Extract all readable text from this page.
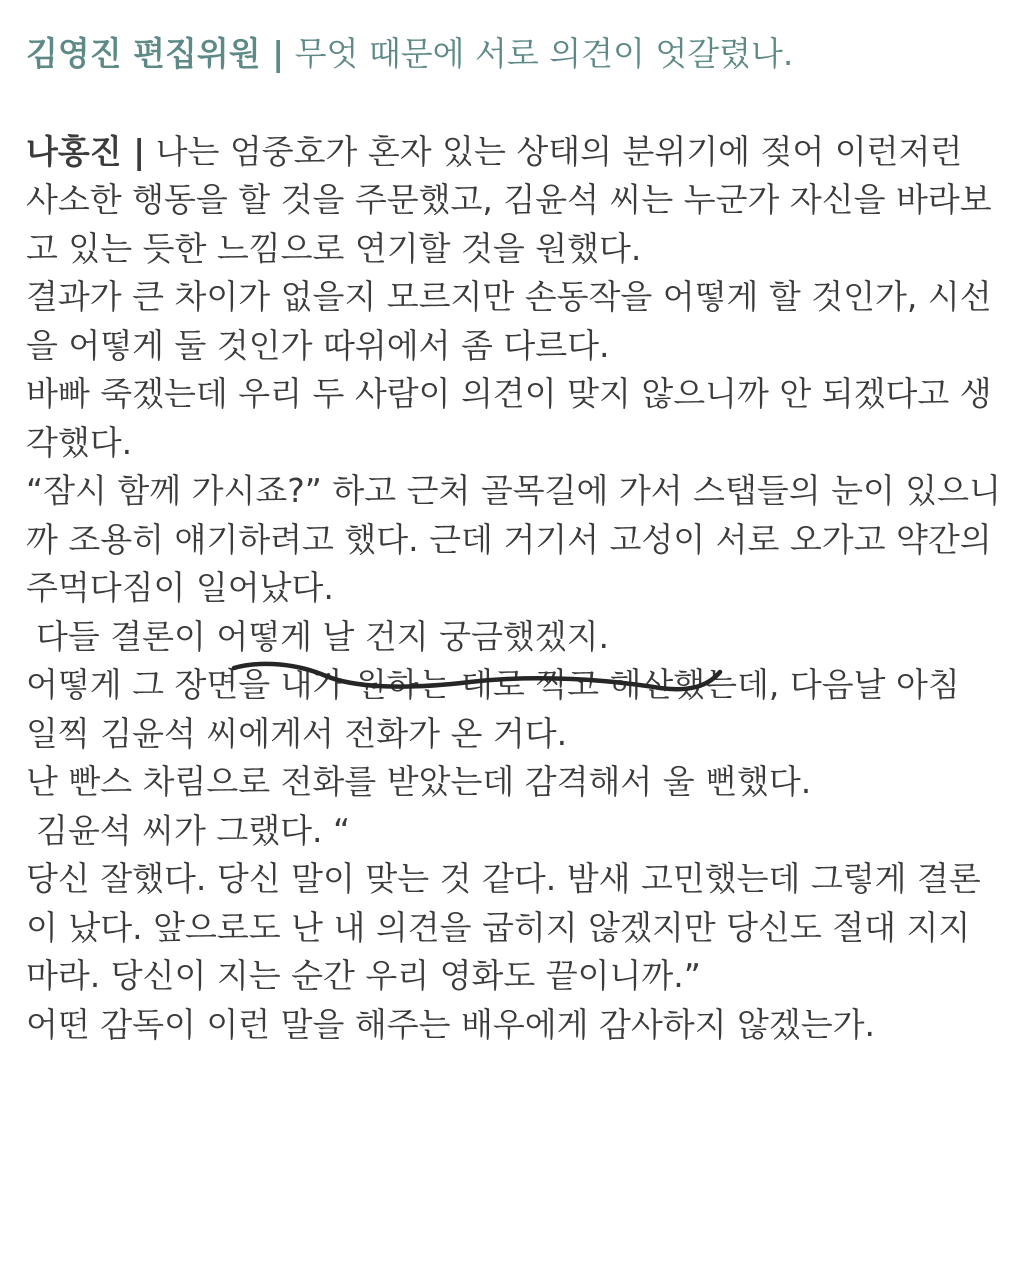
김영진 편집위원 | 무엇 때문에 서로 의견이 엇갈렸나.

나홍진 | 나는 엄중호가 혼자 있는 상태의 분위기에 젖어 이런저런 사소한 행동을 할 것을 주문했고, 김윤석 씨는 누군가 자신을 바라보고 있는 듯한 느낌으로 연기할 것을 원했다.

결과가 큰 차이가 없을지 모르지만 손동작을 어떻게 할 것인가, 시선을 어떻게 둘 것인가 따위에서 좀 다르다.

바빠 죽겠는데 우리 두 사람이 의견이 맞지 않으니까 안 되겠다고 생각했다.

“잠시 함께 가시죠?” 하고 근처 골목길에 가서 스탭들의 눈이 있으니까 조용히 얘기하려고 했다. 근데 거기서 고성이 서로 오가고 약간의 주먹다짐이 일어났다.

다들 결론이 어떻게 날 건지 궁금했겠지.

어떻게 그 장면을 내가 원하는 대로 찍고 해산했는데, 다음날 아침 일찍 김윤석 씨에게서 전화가 온 거다.

난 빤스 차림으로 전화를 받았는데 감격해서 울 뻔했다.

김윤석 씨가 그랬다. “

당신 잘했다. 당신 말이 맞는 것 같다. 밤새 고민했는데 그렇게 결론이 났다. 앞으로도 난 내 의견을 굽히지 않겠지만 당신도 절대 지지 마라. 당신이 지는 순간 우리 영화도 끝이니까.”

어떤 감독이 이런 말을 해주는 배우에게 감사하지 않겠는가.
